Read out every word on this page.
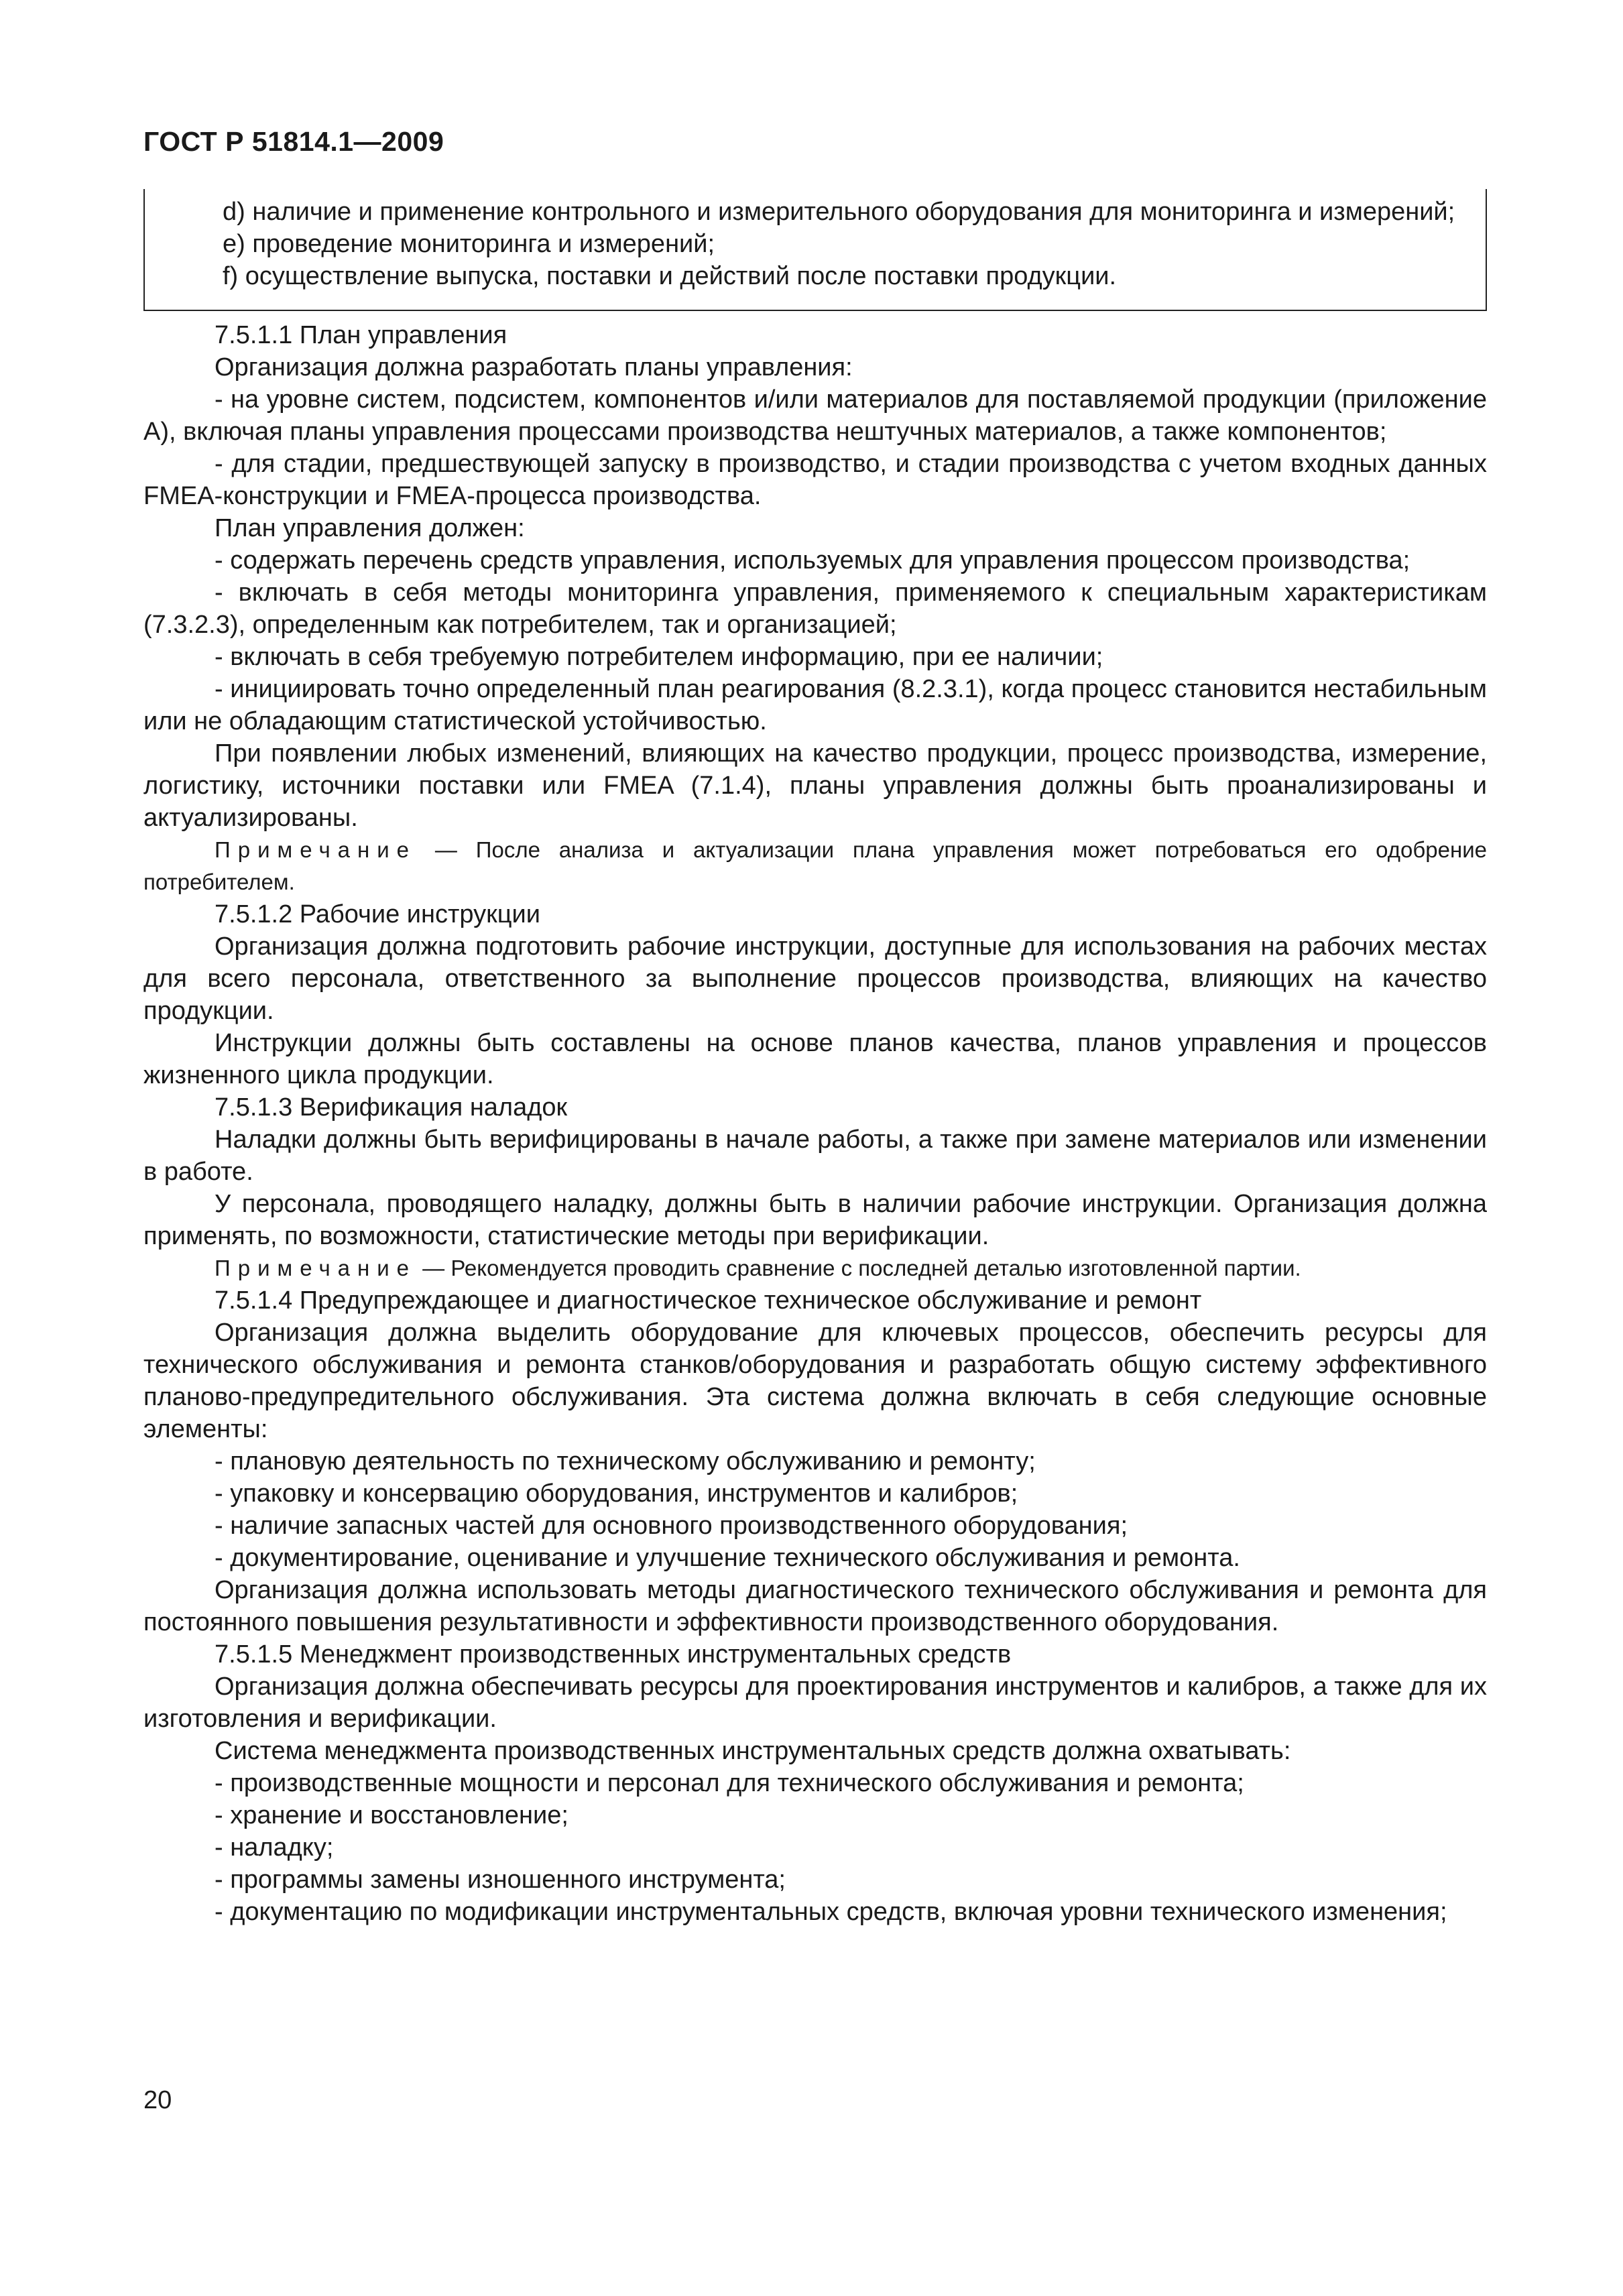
ГОСТ Р 51814.1—2009

d) наличие и применение контрольного и измерительного оборудования для мониторинга и измерений;

e) проведение мониторинга и измерений;

f) осуществление выпуска, поставки и действий после поставки продукции.

7.5.1.1 План управления

Организация должна разработать планы управления:

- на уровне систем, подсистем, компонентов и/или материалов для поставляемой продукции (приложение А), включая планы управления процессами производства нештучных материалов, а также компонентов;

- для стадии, предшествующей запуску в производство, и стадии производства с учетом входных данных FMEA-конструкции и FMEA-процесса производства.

План управления должен:

- содержать перечень средств управления, используемых для управления процессом производства;

- включать в себя методы мониторинга управления, применяемого к специальным характеристикам (7.3.2.3), определенным как потребителем, так и организацией;

- включать в себя требуемую потребителем информацию, при ее наличии;

- инициировать точно определенный план реагирования (8.2.3.1), когда процесс становится нестабильным или не обладающим статистической устойчивостью.

При появлении любых изменений, влияющих на качество продукции, процесс производства, измерение, логистику, источники поставки или FMEA (7.1.4), планы управления должны быть проанализированы и актуализированы.

Примечание — После анализа и актуализации плана управления может потребоваться его одобрение потребителем.

7.5.1.2 Рабочие инструкции

Организация должна подготовить рабочие инструкции, доступные для использования на рабочих местах для всего персонала, ответственного за выполнение процессов производства, влияющих на качество продукции.

Инструкции должны быть составлены на основе планов качества, планов управления и процессов жизненного цикла продукции.

7.5.1.3 Верификация наладок

Наладки должны быть верифицированы в начале работы, а также при замене материалов или изменении в работе.

У персонала, проводящего наладку, должны быть в наличии рабочие инструкции. Организация должна применять, по возможности, статистические методы при верификации.

Примечание — Рекомендуется проводить сравнение с последней деталью изготовленной партии.

7.5.1.4 Предупреждающее и диагностическое техническое обслуживание и ремонт

Организация должна выделить оборудование для ключевых процессов, обеспечить ресурсы для технического обслуживания и ремонта станков/оборудования и разработать общую систему эффективного планово-предупредительного обслуживания. Эта система должна включать в себя следующие основные элементы:

- плановую деятельность по техническому обслуживанию и ремонту;

- упаковку и консервацию оборудования, инструментов и калибров;

- наличие запасных частей для основного производственного оборудования;

- документирование, оценивание и улучшение технического обслуживания и ремонта.

Организация должна использовать методы диагностического технического обслуживания и ремонта для постоянного повышения результативности и эффективности производственного оборудования.

7.5.1.5 Менеджмент производственных инструментальных средств

Организация должна обеспечивать ресурсы для проектирования инструментов и калибров, а также для их изготовления и верификации.

Система менеджмента производственных инструментальных средств должна охватывать:

- производственные мощности и персонал для технического обслуживания и ремонта;

- хранение и восстановление;

- наладку;

- программы замены изношенного инструмента;

- документацию по модификации инструментальных средств, включая уровни технического изменения;

20
